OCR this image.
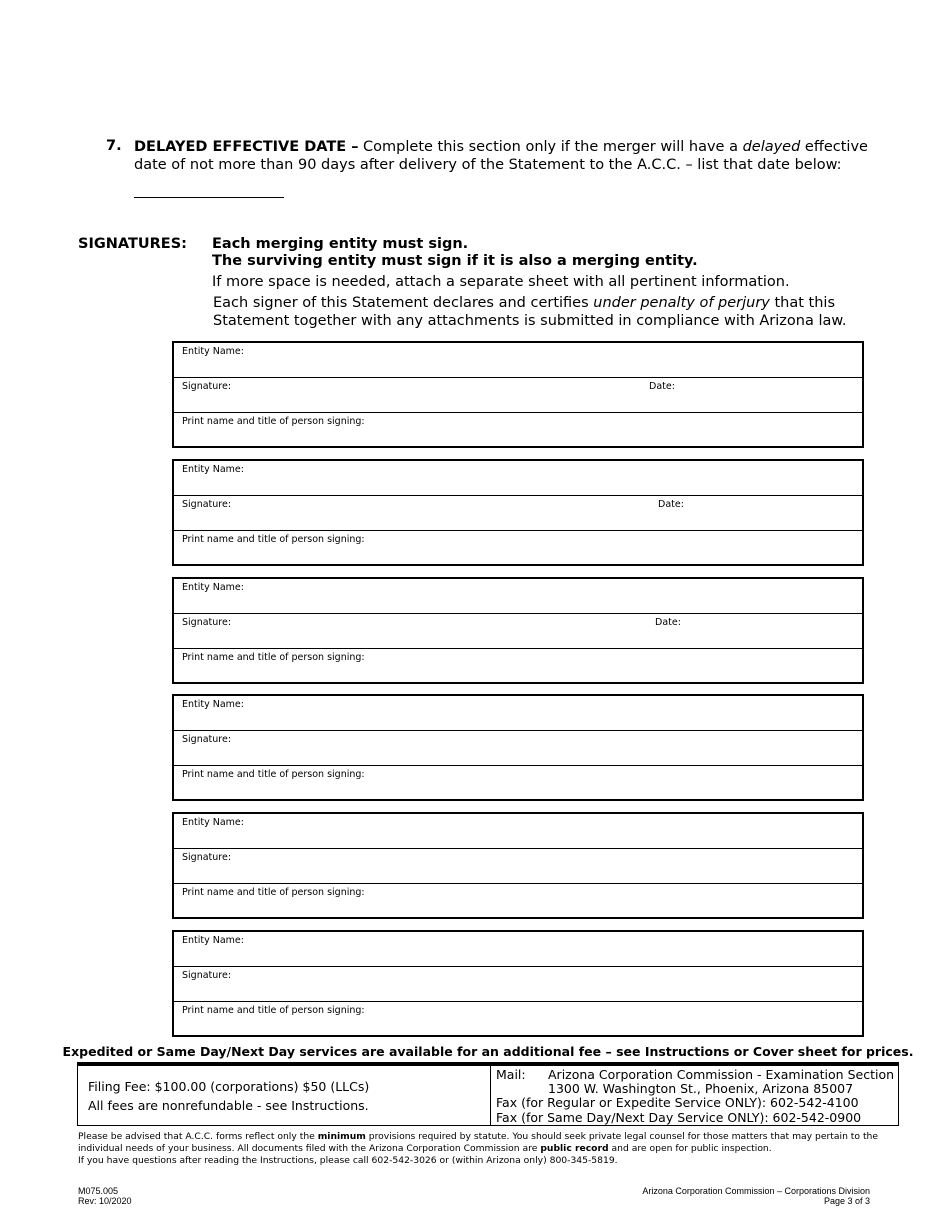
7. DELAYED EFFECTIVE DATE – Complete this section only if the merger will have a delayed effective date of not more than 90 days after delivery of the Statement to the A.C.C. – list that date below:
SIGNATURES: Each merging entity must sign.
The surviving entity must sign if it is also a merging entity.
If more space is needed, attach a separate sheet with all pertinent information.
Each signer of this Statement declares and certifies under penalty of perjury that this Statement together with any attachments is submitted in compliance with Arizona law.
Entity Name:
Signature:	Date:
Print name and title of person signing:
Entity Name:
Signature:	Date:
Print name and title of person signing:
Entity Name:
Signature:	Date:
Print name and title of person signing:
Entity Name:
Signature:
Print name and title of person signing:
Entity Name:
Signature:
Print name and title of person signing:
Entity Name:
Signature:
Print name and title of person signing:
Expedited or Same Day/Next Day services are available for an additional fee – see Instructions or Cover sheet for prices.
Filing Fee: $100.00 (corporations) $50 (LLCs)
All fees are nonrefundable - see Instructions.
Mail: Arizona Corporation Commission - Examination Section
1300 W. Washington St., Phoenix, Arizona 85007
Fax (for Regular or Expedite Service ONLY): 602-542-4100
Fax (for Same Day/Next Day Service ONLY): 602-542-0900
Please be advised that A.C.C. forms reflect only the minimum provisions required by statute. You should seek private legal counsel for those matters that may pertain to the individual needs of your business. All documents filed with the Arizona Corporation Commission are public record and are open for public inspection.
If you have questions after reading the Instructions, please call 602-542-3026 or (within Arizona only) 800-345-5819.
M075.005
Rev: 10/2020
Arizona Corporation Commission – Corporations Division
Page 3 of 3
